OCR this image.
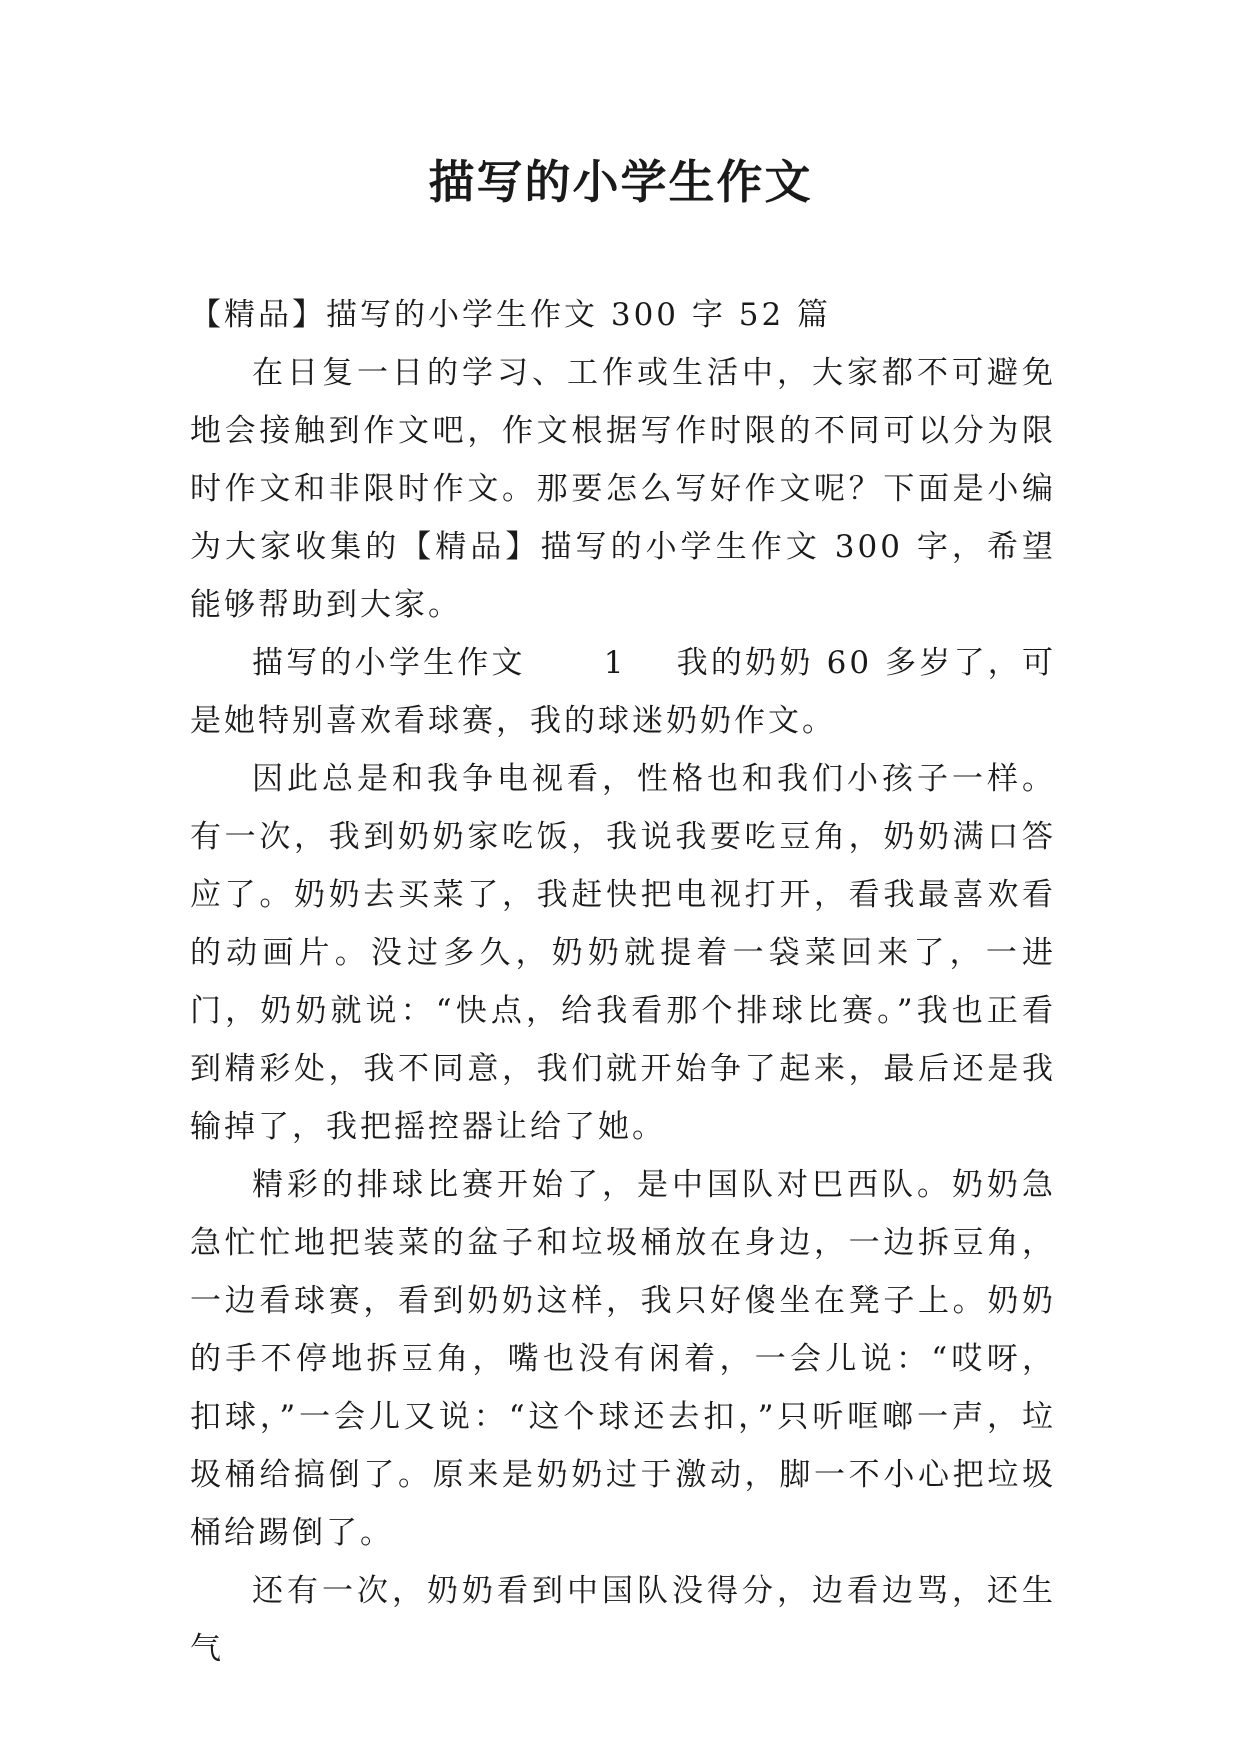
描写的小学生作文

【精品】描写的小学生作文 300 字 52 篇

在日复一日的学习、工作或生活中，大家都不可避免地会接触到作文吧，作文根据写作时限的不同可以分为限时作文和非限时作文。那要怎么写好作文呢？下面是小编为大家收集的【精品】描写的小学生作文 300 字，希望能够帮助到大家。

描写的小学生作文	1 我的奶奶 60 多岁了，可是她特别喜欢看球赛，我的球迷奶奶作文。

因此总是和我争电视看，性格也和我们小孩子一样。有一次，我到奶奶家吃饭，我说我要吃豆角，奶奶满口答应了。奶奶去买菜了，我赶快把电视打开，看我最喜欢看的动画片。没过多久，奶奶就提着一袋菜回来了，一进门，奶奶就说：“快点，给我看那个排球比赛。”我也正看到精彩处，我不同意，我们就开始争了起来，最后还是我输掉了，我把摇控器让给了她。

精彩的排球比赛开始了，是中国队对巴西队。奶奶急急忙忙地把装菜的盆子和垃圾桶放在身边，一边拆豆角，一边看球赛，看到奶奶这样，我只好傻坐在凳子上。奶奶的手不停地拆豆角，嘴也没有闲着，一会儿说：“哎呀，扣球，”一会儿又说：“这个球还去扣，”只听哐啷一声，垃圾桶给搞倒了。原来是奶奶过于激动，脚一不小心把垃圾桶给踢倒了。

还有一次，奶奶看到中国队没得分，边看边骂，还生气
